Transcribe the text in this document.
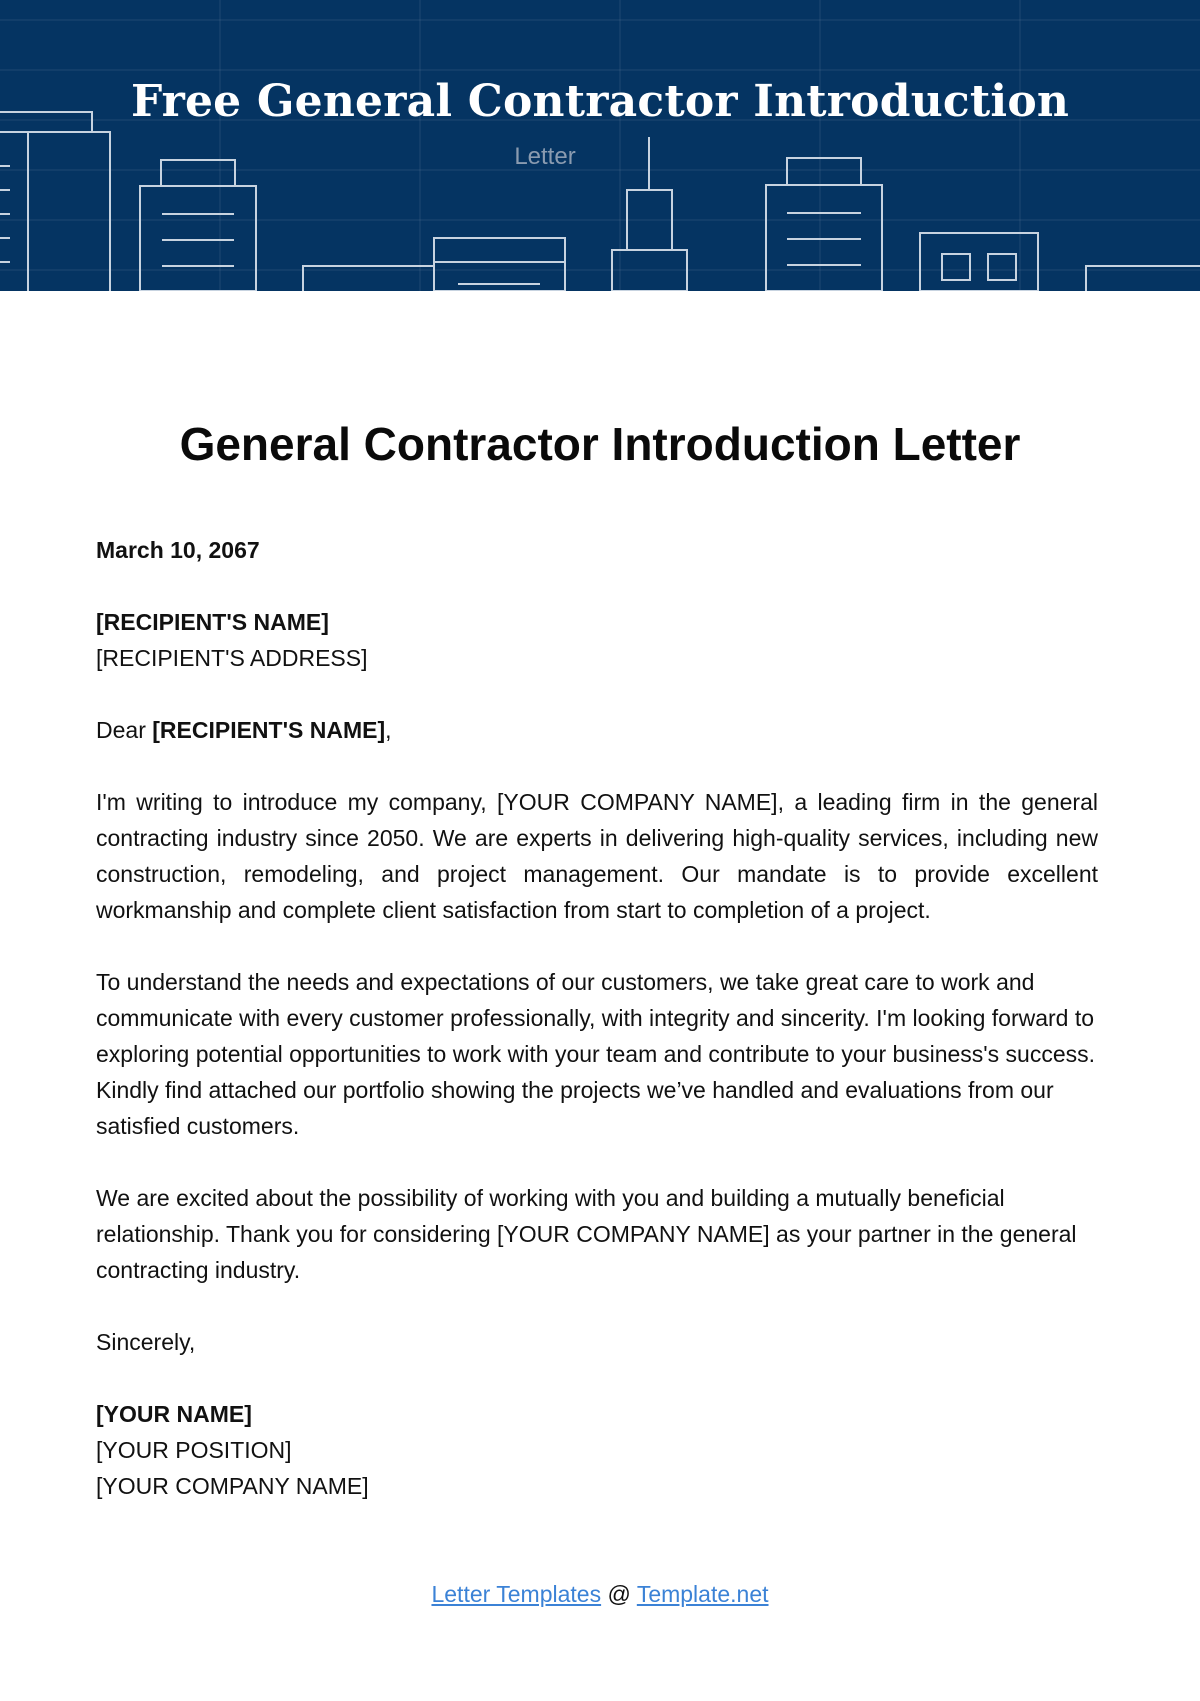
Free General Contractor Introduction
Letter
General Contractor Introduction Letter

March 10, 2067

[RECIPIENT'S NAME]
[RECIPIENT'S ADDRESS]

Dear [RECIPIENT'S NAME],

I'm writing to introduce my company, [YOUR COMPANY NAME], a leading firm in the general contracting industry since 2050. We are experts in delivering high-quality services, including new construction, remodeling, and project management. Our mandate is to provide excellent workmanship and complete client satisfaction from start to completion of a project.

To understand the needs and expectations of our customers, we take great care to work and communicate with every customer professionally, with integrity and sincerity. I'm looking forward to exploring potential opportunities to work with your team and contribute to your business's success. Kindly find attached our portfolio showing the projects we’ve handled and evaluations from our satisfied customers.

We are excited about the possibility of working with you and building a mutually beneficial relationship. Thank you for considering [YOUR COMPANY NAME] as your partner in the general contracting industry.

Sincerely,

[YOUR NAME]
[YOUR POSITION]
[YOUR COMPANY NAME]

Letter Templates @ Template.net
